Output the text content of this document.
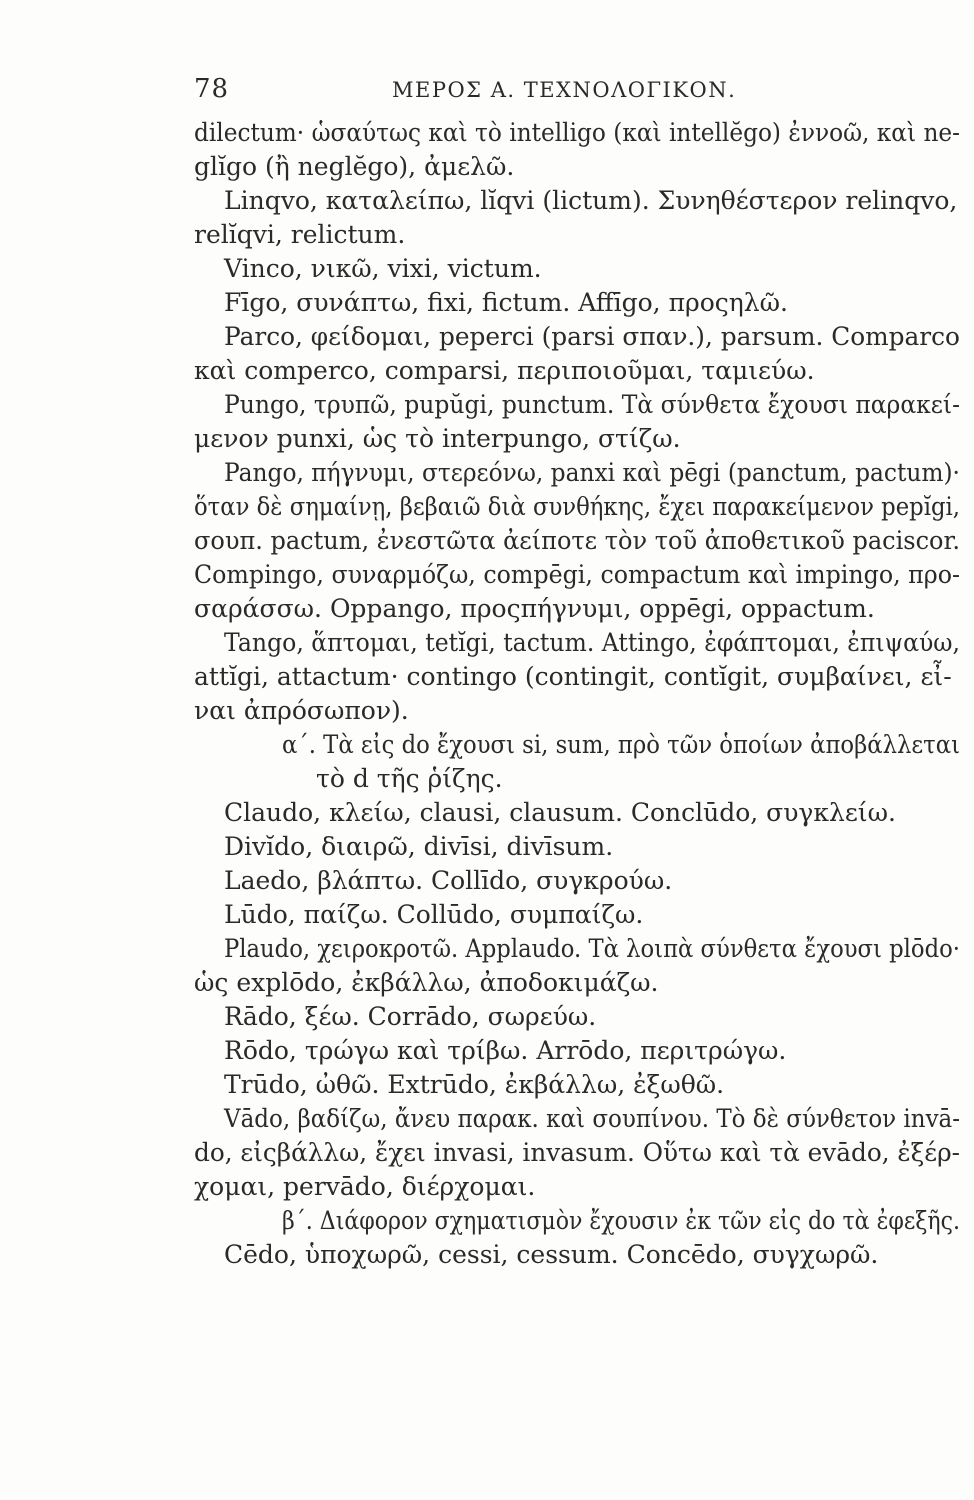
78	ΜΕΡΟΣ Α. ΤΕΧΝΟΛΟΓΙΚΟΝ.
dilectum· ὡσαύτως καὶ τὸ intelligo (καὶ intellĕgo) ἐννοῶ, καὶ ne-
glĭgo (ἢ neglĕgo), ἀμελῶ.
Linqvo, καταλείπω, lĭqvi (lictum). Συνηθέστερον relinqvo,
relĭqvi, relictum.
Vinco, νικῶ, vixi, victum.
Fīgo, συνάπτω, fixi, fictum. Affīgo, προςηλῶ.
Parco, φείδομαι, peperci (parsi σπαν.), parsum. Comparco
καὶ comperco, comparsi, περιποιοῦμαι, ταμιεύω.
Pungo, τρυπῶ, pupŭgi, punctum. Τὰ σύνθετα ἔχουσι παρακεί-
μενον punxi, ὡς τὸ interpungo, στίζω.
Pango, πήγνυμι, στερεόνω, panxi καὶ pēgi (panctum, pactum)·
ὅταν δὲ σημαίνῃ, βεβαιῶ διὰ συνθήκης, ἔχει παρακείμενον pepĭgi,
σουπ. pactum, ἐνεστῶτα ἀείποτε τὸν τοῦ ἀποθετικοῦ paciscor.
Compingo, συναρμόζω, compēgi, compactum καὶ impingo, προ-
σαράσσω. Oppango, προςπήγνυμι, oppēgi, oppactum.
Tango, ἅπτομαι, tetĭgi, tactum. Attingo, ἐφάπτομαι, ἐπιψαύω,
attĭgi, attactum· contingo (contingit, contĭgit, συμβαίνει, εἶ-
ναι ἀπρόσωπον).
α΄. Τὰ εἰς do ἔχουσι si, sum, πρὸ τῶν ὁποίων ἀποβάλλεται
τὸ d τῆς ῥίζης.
Claudo, κλείω, clausi, clausum. Conclūdo, συγκλείω.
Divĭdo, διαιρῶ, divīsi, divīsum.
Laedo, βλάπτω. Collīdo, συγκρούω.
Lūdo, παίζω. Collūdo, συμπαίζω.
Plaudo, χειροκροτῶ. Applaudo. Τὰ λοιπὰ σύνθετα ἔχουσι plōdo·
ὡς explōdo, ἐκβάλλω, ἀποδοκιμάζω.
Rādo, ξέω. Corrādo, σωρεύω.
Rōdo, τρώγω καὶ τρίβω. Arrōdo, περιτρώγω.
Trūdo, ὠθῶ. Extrūdo, ἐκβάλλω, ἐξωθῶ.
Vādo, βαδίζω, ἄνευ παρακ. καὶ σουπίνου. Τὸ δὲ σύνθετον invā-
do, εἰςβάλλω, ἔχει invasi, invasum. Οὕτω καὶ τὰ evādo, ἐξέρ-
χομαι, pervādo, διέρχομαι.
β΄. Διάφορον σχηματισμὸν ἔχουσιν ἐκ τῶν εἰς do τὰ ἐφεξῆς.
Cēdo, ὑποχωρῶ, cessi, cessum. Concēdo, συγχωρῶ.
